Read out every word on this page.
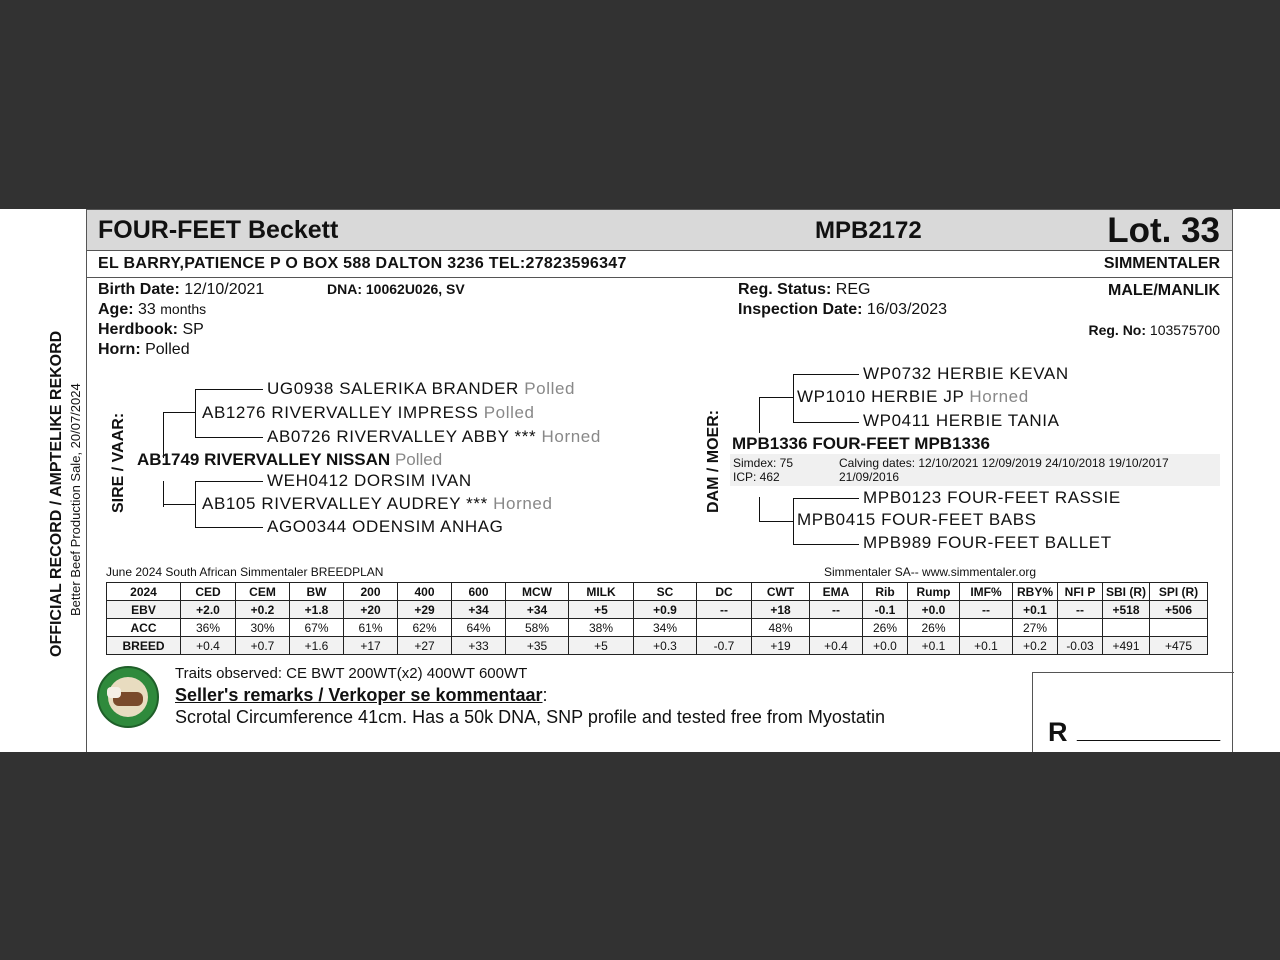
OFFICIAL RECORD / AMPTELIKE REKORD Better Beef Production Sale, 20/07/2024
FOUR-FEET Beckett	MPB2172	Lot. 33
EL BARRY,PATIENCE P O BOX 588 DALTON 3236 TEL:27823596347	SIMMENTALER
Birth Date: 12/10/2021	DNA: 10062U026, SV
Age: 33 months
Herdbook: SP
Horn: Polled
Reg. Status: REG
Inspection Date: 16/03/2023
MALE/MANLIK
Reg. No: 103575700
SIRE / VAAR:
UG0938 SALERIKA BRANDER Polled
AB1276 RIVERVALLEY IMPRESS Polled
AB0726 RIVERVALLEY ABBY *** Horned
AB1749 RIVERVALLEY NISSAN Polled
WEH0412 DORSIM IVAN
AB105 RIVERVALLEY AUDREY *** Horned
AGO0344 ODENSIM ANHAG
DAM / MOER:
WP0732 HERBIE KEVAN
WP1010 HERBIE JP Horned
WP0411 HERBIE TANIA
MPB1336 FOUR-FEET MPB1336
Simdex: 75
ICP: 462
Calving dates: 12/10/2021 12/09/2019 24/10/2018 19/10/2017
21/09/2016
MPB0123 FOUR-FEET RASSIE
MPB0415 FOUR-FEET BABS
MPB989 FOUR-FEET BALLET
June 2024 South African Simmentaler BREEDPLAN	Simmentaler SA-- www.simmentaler.org
2024	CED	CEM	BW	200	400	600	MCW	MILK	SC	DC	CWT	EMA	Rib	Rump	IMF%	RBY%	NFI P	SBI (R)	SPI (R)
EBV	+2.0	+0.2	+1.8	+20	+29	+34	+34	+5	+0.9	--	+18	--	-0.1	+0.0	--	+0.1	--	+518	+506
ACC	36%	30%	67%	61%	62%	64%	58%	38%	34%		48%		26%	26%		27%			
BREED	+0.4	+0.7	+1.6	+17	+27	+33	+35	+5	+0.3	-0.7	+19	+0.4	+0.0	+0.1	+0.1	+0.2	-0.03	+491	+475
Traits observed: CE BWT 200WT(x2) 400WT 600WT
Seller's remarks / Verkoper se kommentaar:
Scrotal Circumference 41cm. Has a 50k DNA, SNP profile and tested free from Myostatin	R __________________
